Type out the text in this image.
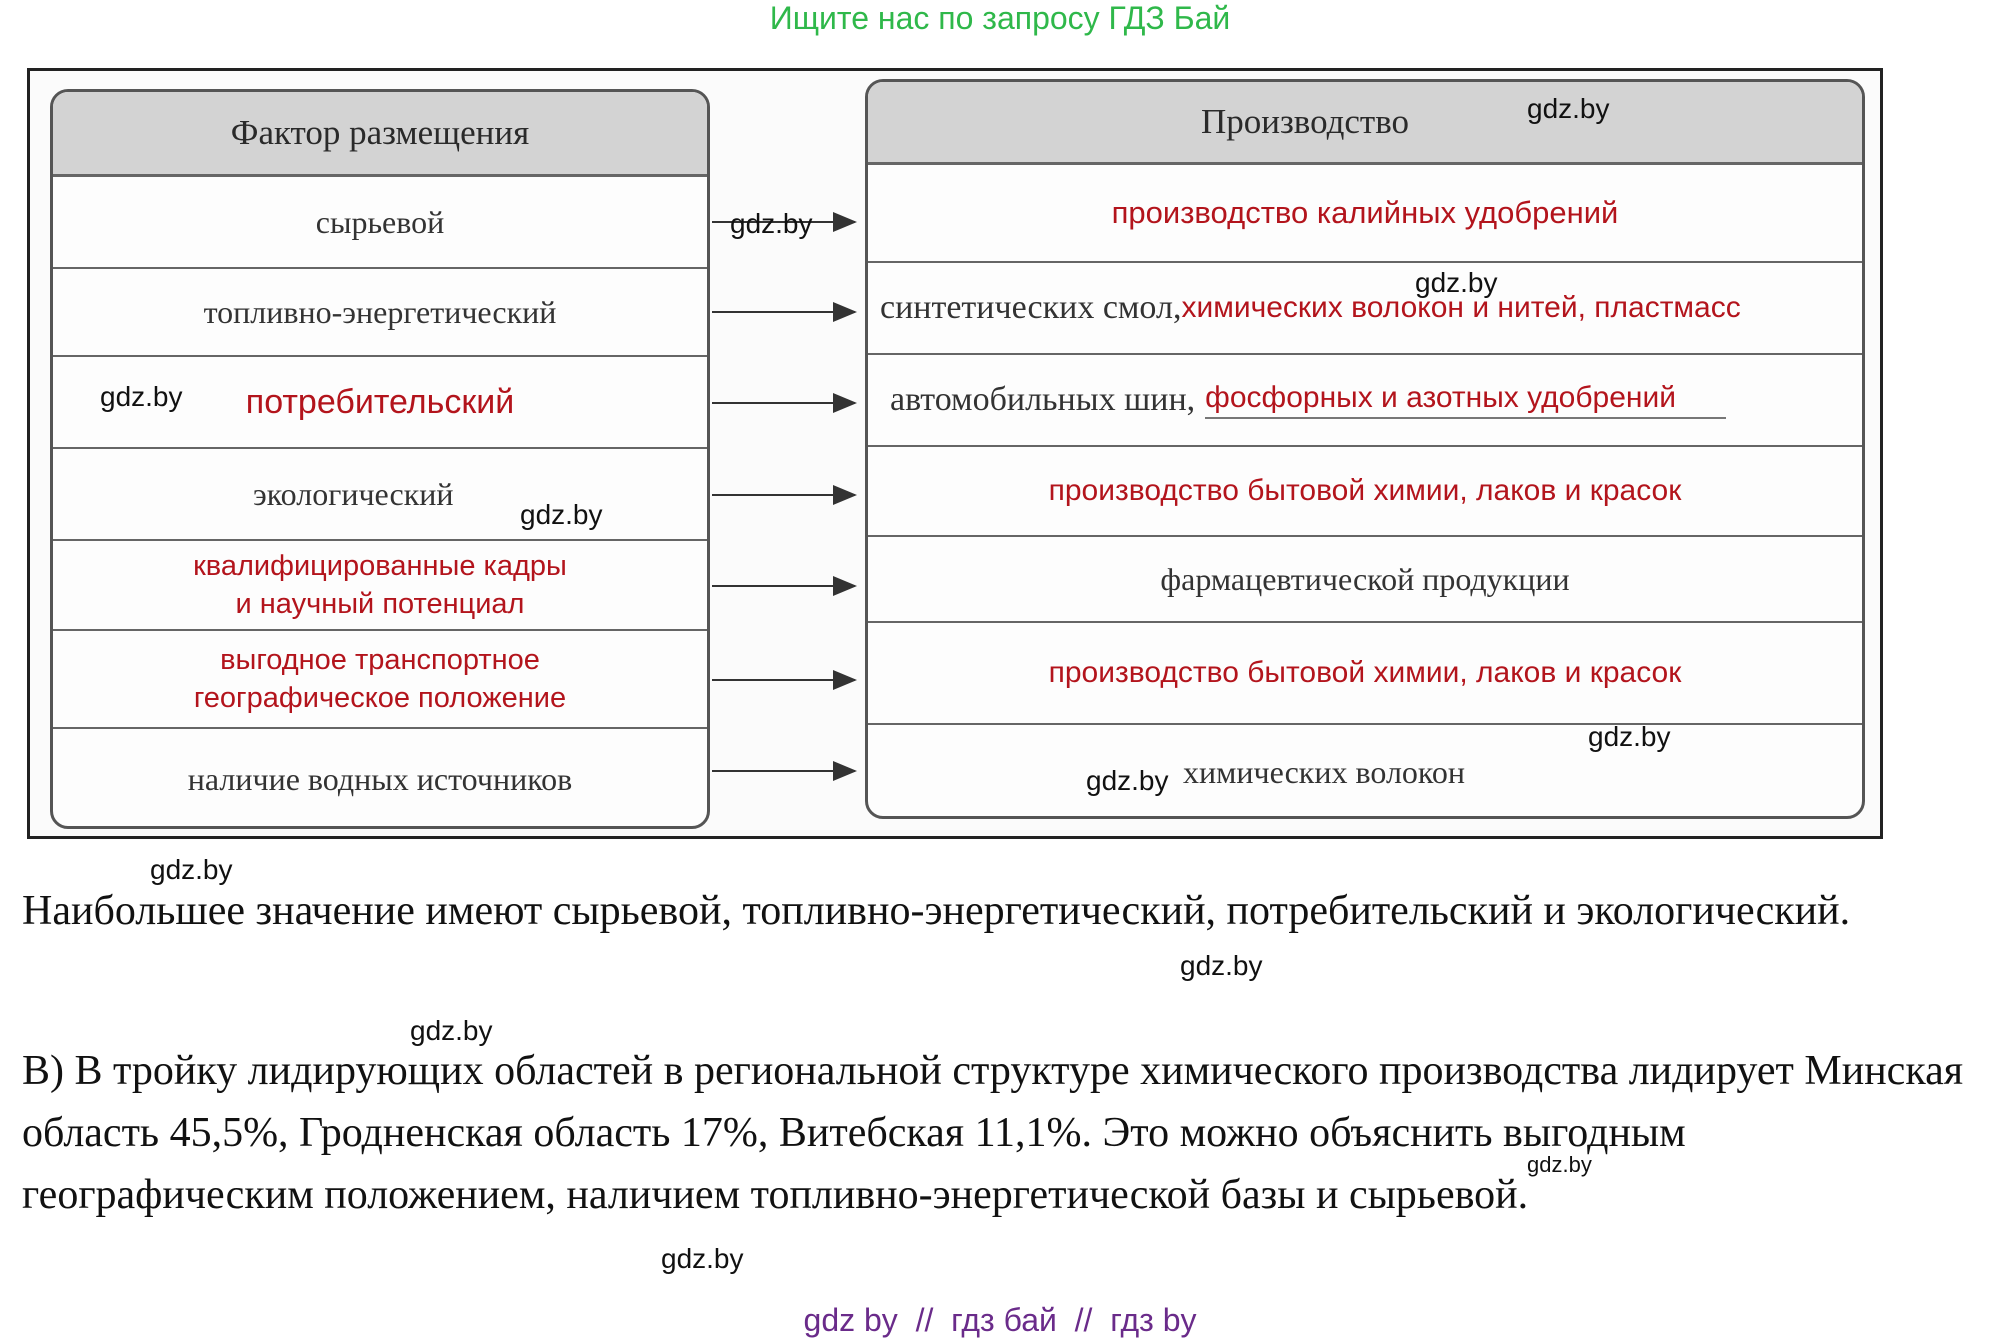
Ищите нас по запросу ГДЗ Бай
Фактор размещения
сырьевой
топливно-энергетический
потребительский
экологический
квалифицированные кадры
и научный потенциал
выгодное транспортное
географическое положение
наличие водных источников
Производство
производство калийных удобрений
синтетических смол, химических волокон и нитей, пластмасс
автомобильных шин, фосфорных и азотных удобрений
производство бытовой химии, лаков и красок
фармацевтической продукции
производство бытовой химии, лаков и красок
химических волокон
gdz.by
gdz.by
gdz.by
gdz.by
gdz.by
gdz.by
gdz.by
gdz.by
Наибольшее значение имеют сырьевой, топливно-энергетический, потребительский и экологический.
gdz.by
gdz.by
В) В тройку лидирующих областей в региональной структуре химического производства лидирует Минская область 45,5%, Гродненская область 17%, Витебская 11,1%. Это можно объяснить выгодным географическим положением, наличием топливно-энергетической базы и сырьевой.
gdz.by
gdz.by
gdz by  //  гдз бай  //  гдз by
